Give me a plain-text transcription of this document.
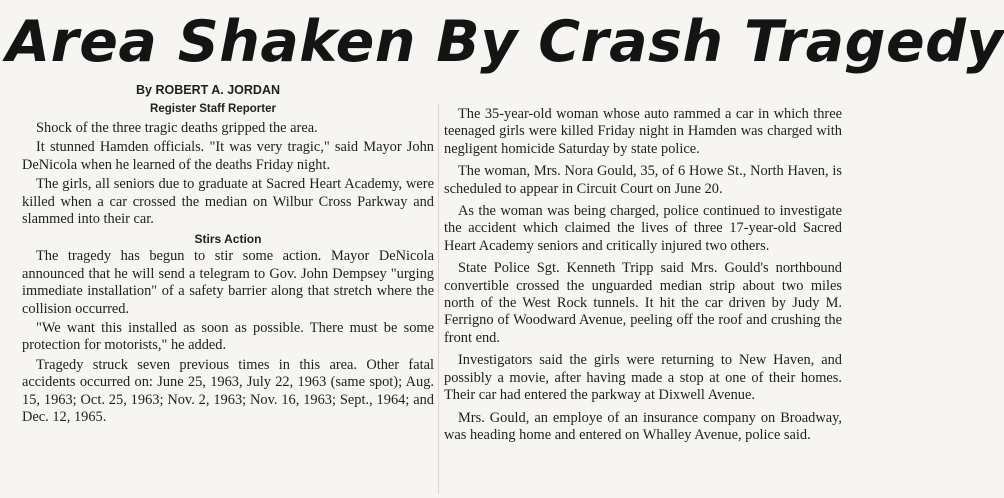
Area Shaken By Crash Tragedy
By ROBERT A. JORDAN
Register Staff Reporter

Shock of the three tragic deaths gripped the area.

It stunned Hamden officials. "It was very tragic," said Mayor John DeNicola when he learned of the deaths Friday night.

The girls, all seniors due to graduate at Sacred Heart Academy, were killed when a car crossed the median on Wilbur Cross Parkway and slammed into their car.

Stirs Action

The tragedy has begun to stir some action. Mayor DeNicola announced that he will send a telegram to Gov. John Dempsey "urging immediate installation" of a safety barrier along that stretch where the collision occurred.

"We want this installed as soon as possible. There must be some protection for motorists," he added.

Tragedy struck seven previous times in this area. Other fatal accidents occurred on: June 25, 1963, July 22, 1963 (same spot); Aug. 15, 1963; Oct. 25, 1963; Nov. 2, 1963; Nov. 16, 1963; Sept., 1964; and Dec. 12, 1965.

The 35-year-old woman whose auto rammed a car in which three teenaged girls were killed Friday night in Hamden was charged with negligent homicide Saturday by state police.

The woman, Mrs. Nora Gould, 35, of 6 Howe St., North Haven, is scheduled to appear in Circuit Court on June 20.

As the woman was being charged, police continued to investigate the accident which claimed the lives of three 17-year-old Sacred Heart Academy seniors and critically injured two others.

State Police Sgt. Kenneth Tripp said Mrs. Gould's northbound convertible crossed the unguarded median strip about two miles north of the West Rock tunnels. It hit the car driven by Judy M. Ferrigno of Woodward Avenue, peeling off the roof and crushing the front end.

Investigators said the girls were returning to New Haven, and possibly a movie, after having made a stop at one of their homes. Their car had entered the parkway at Dixwell Avenue.

Mrs. Gould, an employe of an insurance company on Broadway, was heading home and entered on Whalley Avenue, police said.
